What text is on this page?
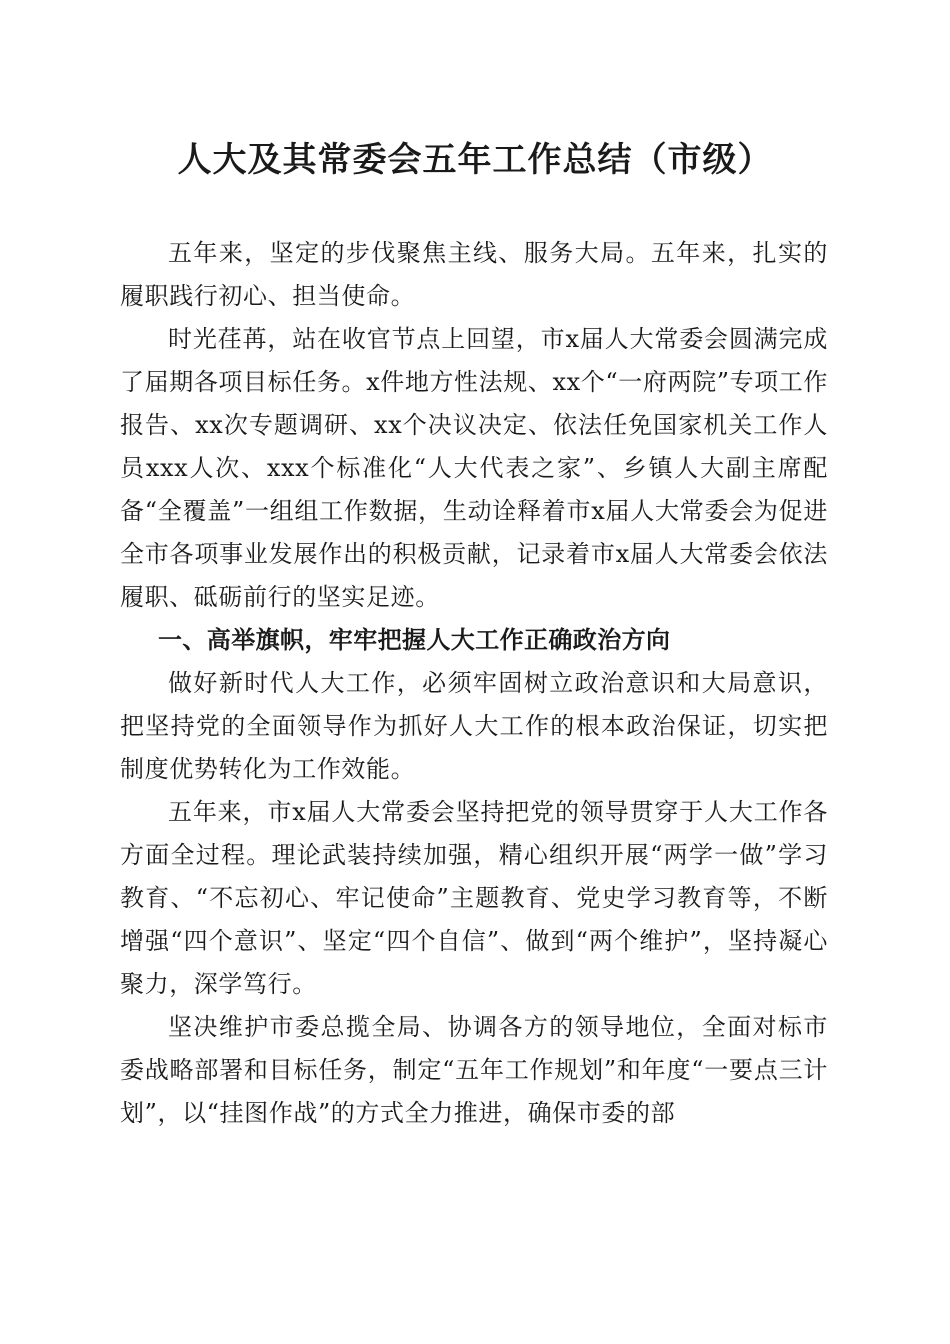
人大及其常委会五年工作总结（市级）

五年来，坚定的步伐聚焦主线、服务大局。五年来，扎实的履职践行初心、担当使命。

时光荏苒，站在收官节点上回望，市x届人大常委会圆满完成了届期各项目标任务。x件地方性法规、xx个“一府两院”专项工作报告、xx次专题调研、xx个决议决定、依法任免国家机关工作人员xxx人次、xxx个标准化“人大代表之家”、乡镇人大副主席配备“全覆盖”一组组工作数据，生动诠释着市x届人大常委会为促进全市各项事业发展作出的积极贡献，记录着市x届人大常委会依法履职、砥砺前行的坚实足迹。

一、高举旗帜，牢牢把握人大工作正确政治方向

做好新时代人大工作，必须牢固树立政治意识和大局意识，把坚持党的全面领导作为抓好人大工作的根本政治保证，切实把制度优势转化为工作效能。

五年来，市x届人大常委会坚持把党的领导贯穿于人大工作各方面全过程。理论武装持续加强，精心组织开展“两学一做”学习教育、“不忘初心、牢记使命”主题教育、党史学习教育等，不断增强“四个意识”、坚定“四个自信”、做到“两个维护”，坚持凝心聚力，深学笃行。

坚决维护市委总揽全局、协调各方的领导地位，全面对标市委战略部署和目标任务，制定“五年工作规划”和年度“一要点三计划”，以“挂图作战”的方式全力推进，确保市委的部
